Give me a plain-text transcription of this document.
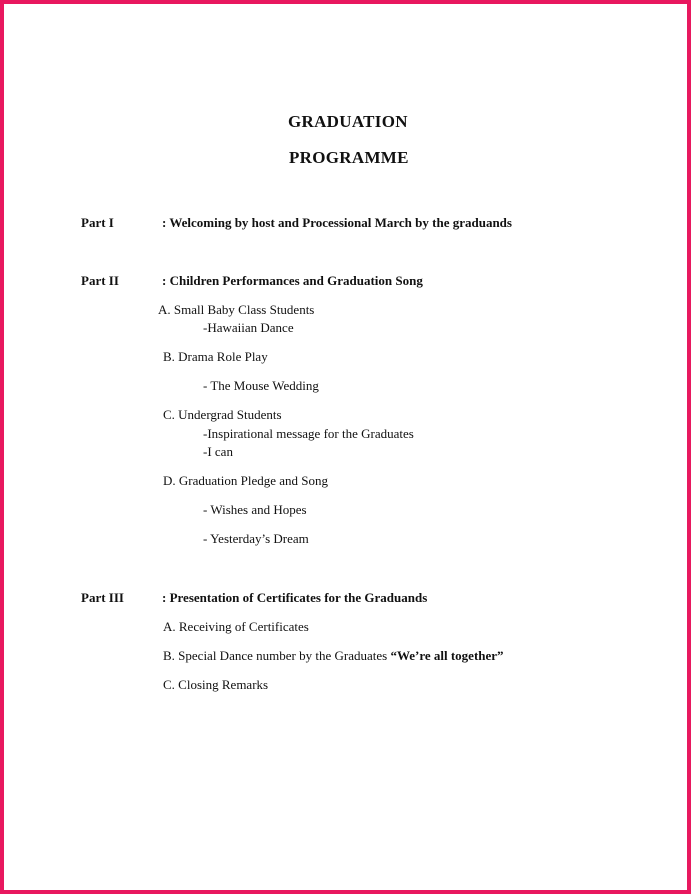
GRADUATION
PROGRAMME
Part I	: Welcoming by host and Processional March by the graduands
Part II	: Children Performances and Graduation Song
A. Small Baby Class Students
-Hawaiian Dance
B. Drama Role Play
- The Mouse Wedding
C. Undergrad Students
-Inspirational message for the Graduates
-I can
D. Graduation Pledge and Song
- Wishes and Hopes
- Yesterday’s Dream
Part III	: Presentation of Certificates for the Graduands
A. Receiving of Certificates
B. Special Dance number by the Graduates “We’re all together”
C. Closing Remarks
